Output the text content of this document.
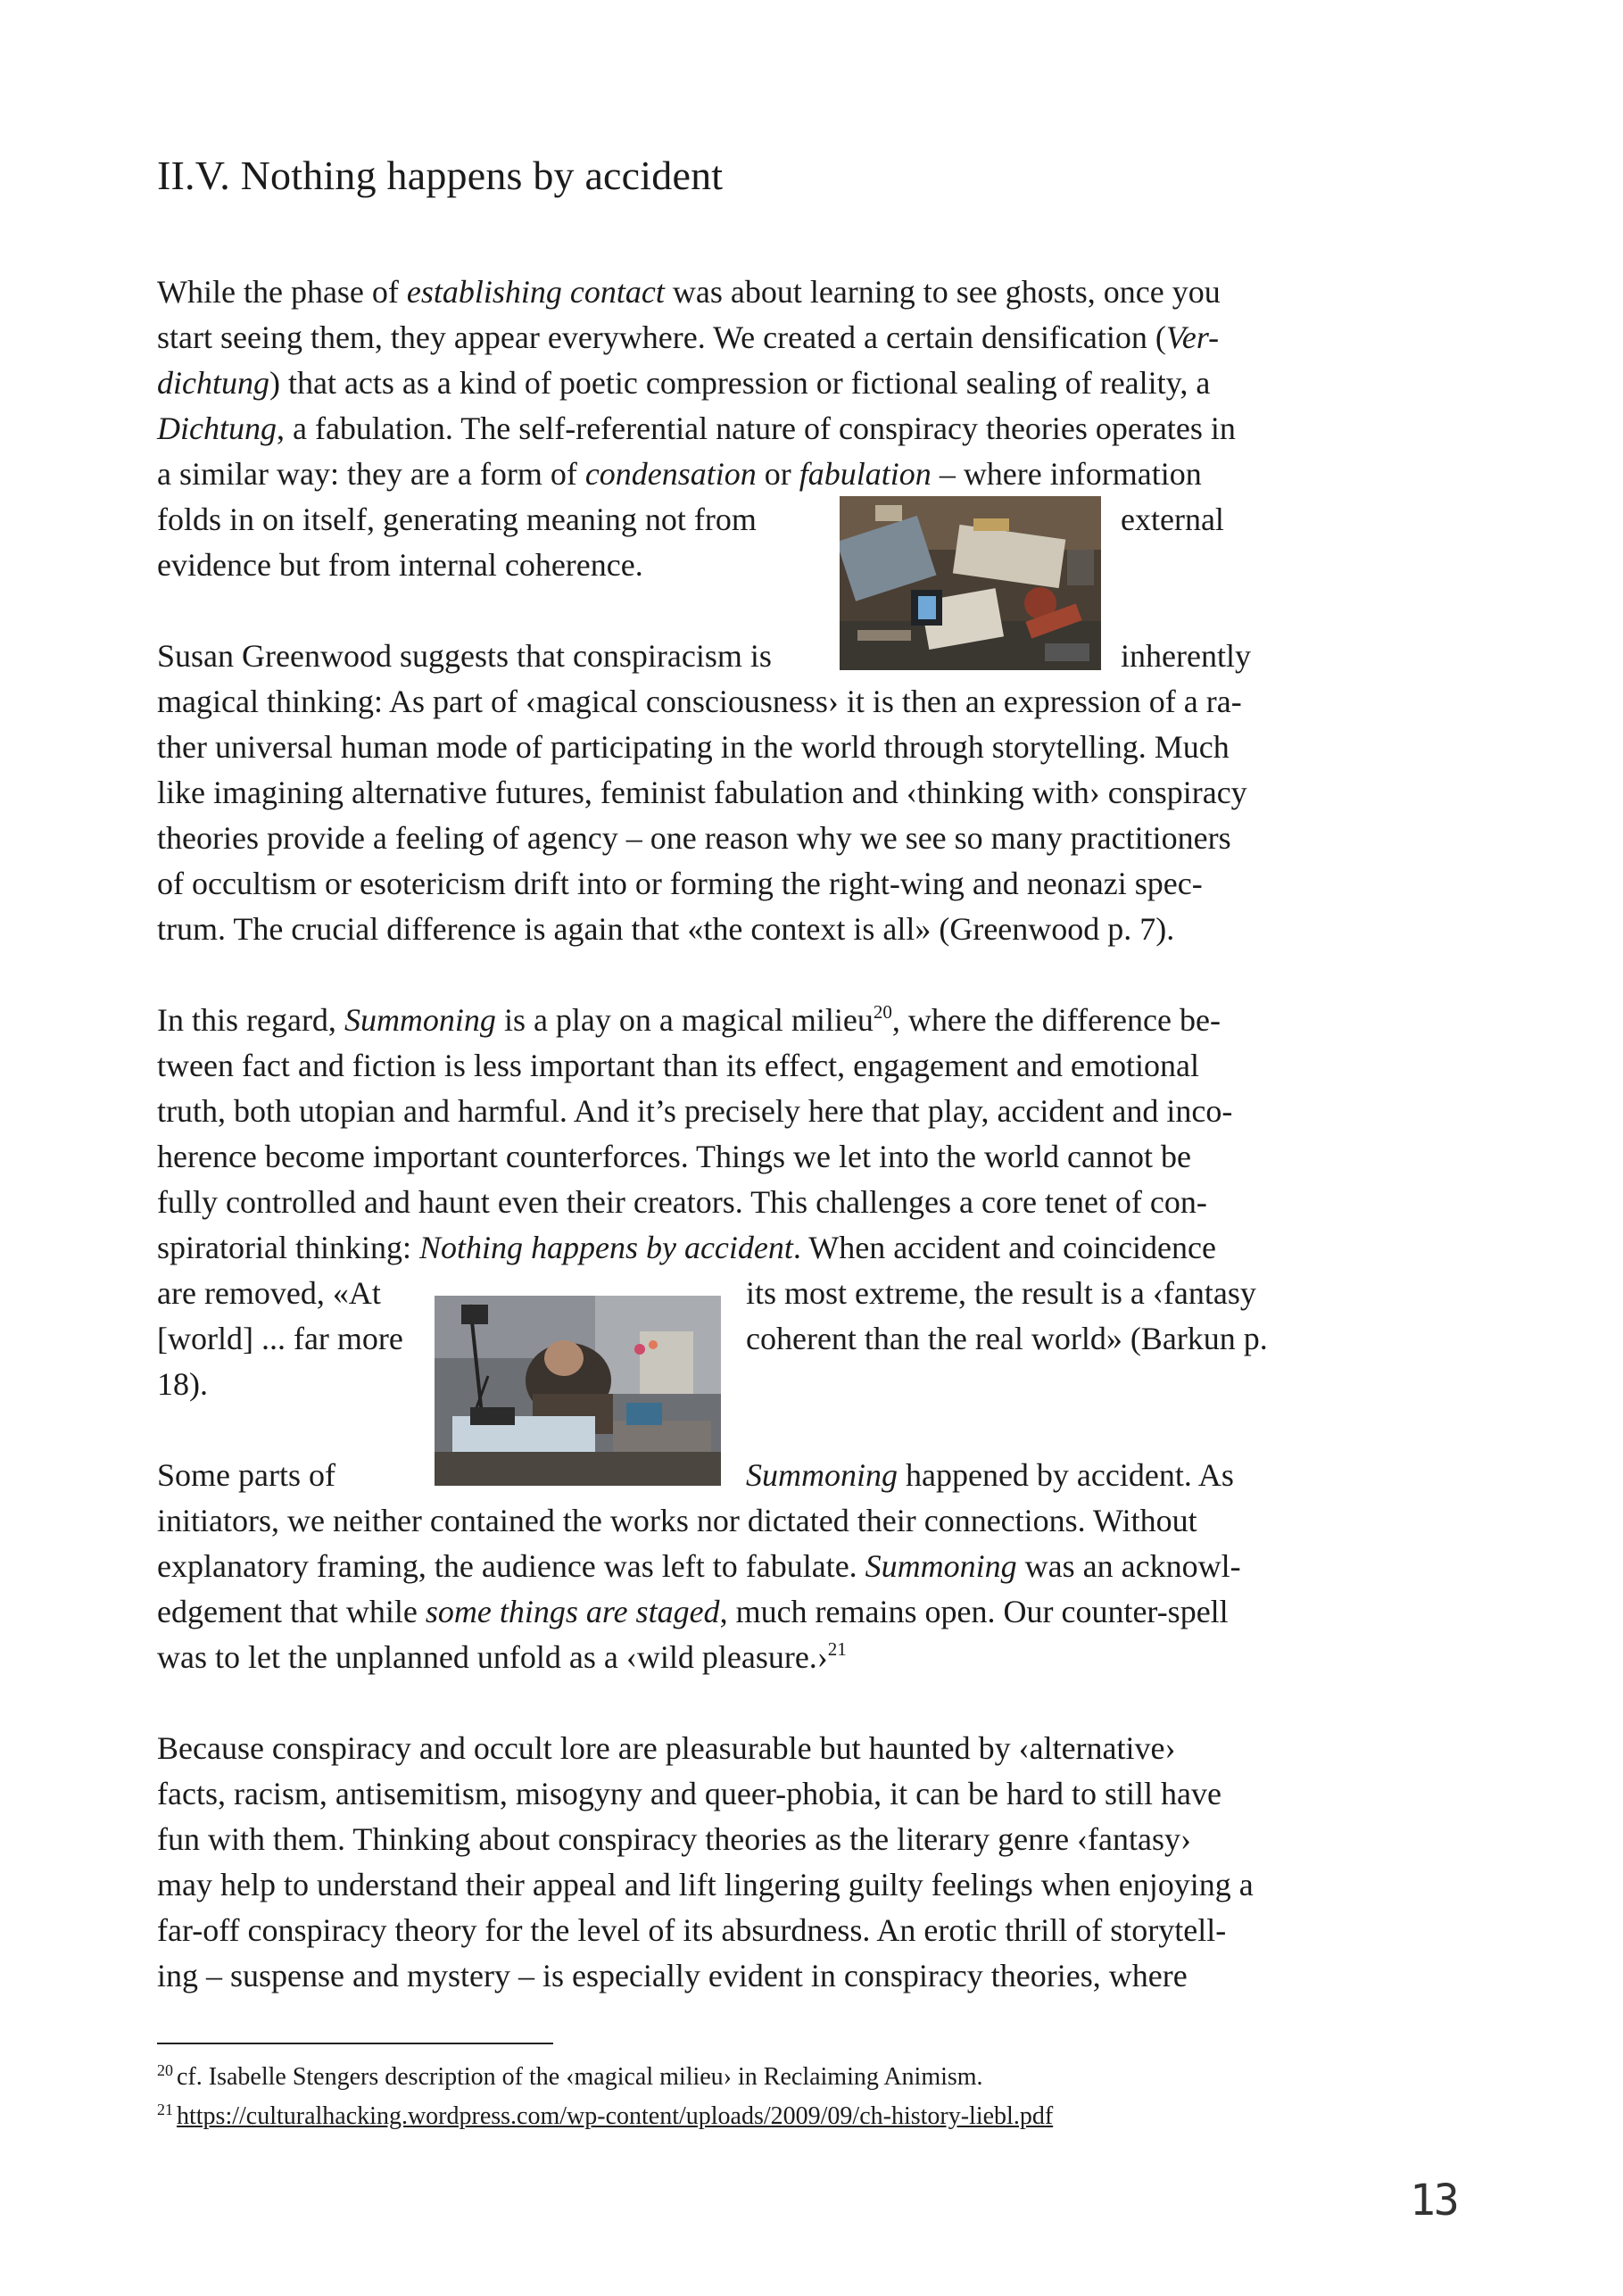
II.V. Nothing happens by accident
While the phase of establishing contact was about learning to see ghosts, once you
start seeing them, they appear everywhere. We created a certain densification (Ver-
dichtung) that acts as a kind of poetic compression or fictional sealing of reality, a
Dichtung, a fabulation. The self-referential nature of conspiracy theories operates in
a similar way: they are a form of condensation or fabulation – where information
folds in on itself, generating meaning not from	external
evidence but from internal coherence.
Susan Greenwood suggests that conspiracism is	inherently
magical thinking: As part of ‹magical consciousness› it is then an expression of a ra-
ther universal human mode of participating in the world through storytelling. Much
like imagining alternative futures, feminist fabulation and ‹thinking with› conspiracy
theories provide a feeling of agency – one reason why we see so many practitioners
of occultism or esotericism drift into or forming the right-wing and neonazi spec-
trum. The crucial difference is again that «the context is all» (Greenwood p. 7).
In this regard, Summoning is a play on a magical milieu$^{20}$, where the difference be-
tween fact and fiction is less important than its effect, engagement and emotional
truth, both utopian and harmful. And it’s precisely here that play, accident and inco-
herence become important counterforces. Things we let into the world cannot be
fully controlled and haunt even their creators. This challenges a core tenet of con-
spiratorial thinking: Nothing happens by accident. When accident and coincidence
are removed, «At	its most extreme, the result is a ‹fantasy
[world] ... far more	coherent than the real world» (Barkun p.
18).
Some parts of	Summoning happened by accident. As
initiators, we neither contained the works nor dictated their connections. Without
explanatory framing, the audience was left to fabulate. Summoning was an acknowl-
edgement that while some things are staged, much remains open. Our counter-spell
was to let the unplanned unfold as a ‹wild pleasure.›$^{21}$
Because conspiracy and occult lore are pleasurable but haunted by ‹alternative›
facts, racism, antisemitism, misogyny and queer-phobia, it can be hard to still have
fun with them. Thinking about conspiracy theories as the literary genre ‹fantasy›
may help to understand their appeal and lift lingering guilty feelings when enjoying a
far-off conspiracy theory for the level of its absurdness. An erotic thrill of storytell-
ing – suspense and mystery – is especially evident in conspiracy theories, where
$^{20}$ cf. Isabelle Stengers description of the ‹magical milieu› in Reclaiming Animism.
$^{21}$ https://culturalhacking.wordpress.com/wp-content/uploads/2009/09/ch-history-liebl.pdf
13
